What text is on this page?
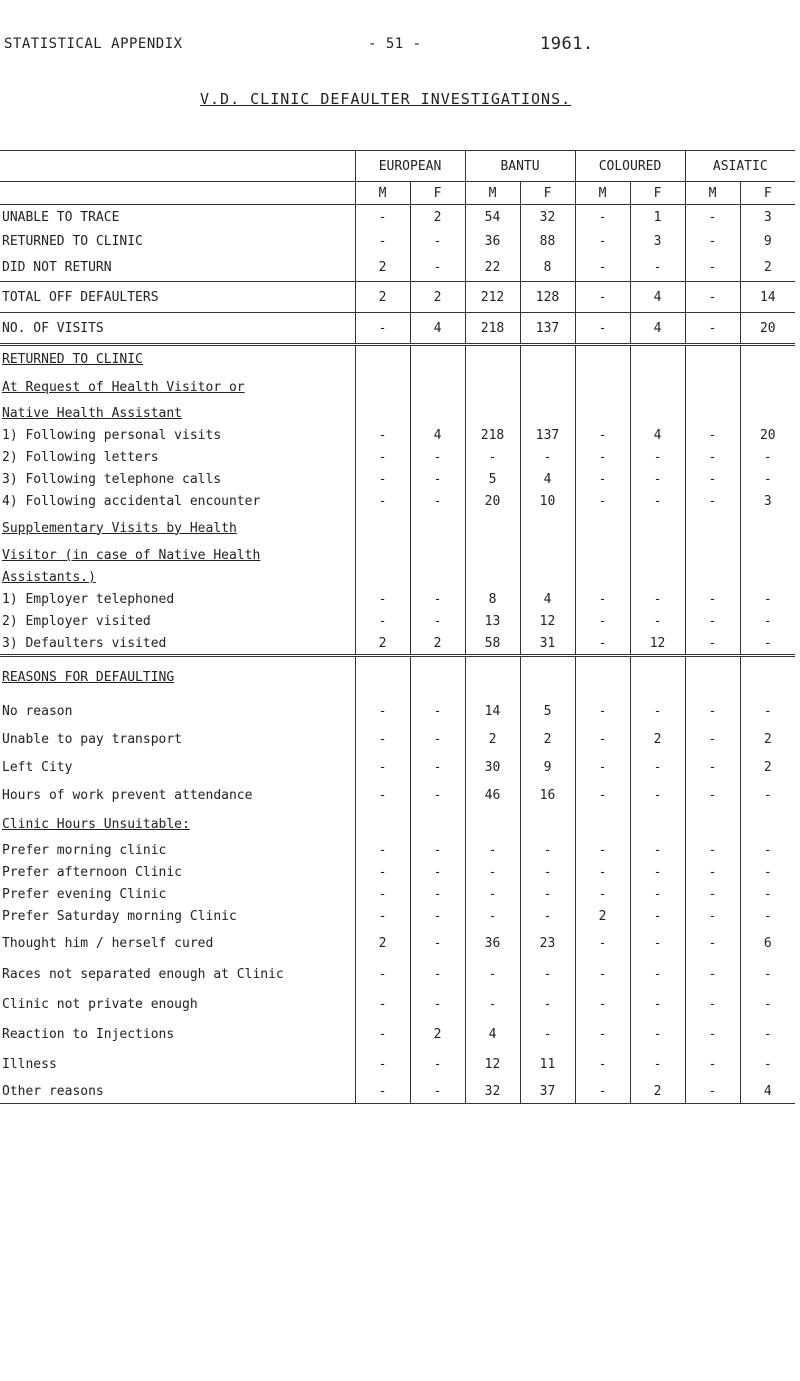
STATISTICAL APPENDIX	- 51 -	1961.
V.D. CLINIC DEFAULTER INVESTIGATIONS.
	EUROPEAN		BANTU		COLOURED		ASIATIC	
	M	F	M	F	M	F	M	F
UNABLE TO TRACE	-	2	54	32	-	1	-	3
RETURNED TO CLINIC	-	-	36	88	-	3	-	9
DID NOT RETURN	2	-	22	8	-	-	-	2
TOTAL OFF DEFAULTERS	2	2	212	128	-	4	-	14
NO. OF VISITS	-	4	218	137	-	4	-	20
RETURNED TO CLINIC								
At Request of Health Visitor or								
Native Health Assistant								
1) Following personal visits	-	4	218	137	-	4	-	20
2) Following letters	-	-	-	-	-	-	-	-
3) Following telephone calls	-	-	5	4	-	-	-	-
4) Following accidental encounter	-	-	20	10	-	-	-	3
Supplementary Visits by Health								
Visitor (in case of Native Health								
Assistants.)								
1) Employer telephoned	-	-	8	4	-	-	-	-
2) Employer visited	-	-	13	12	-	-	-	-
3) Defaulters visited	2	2	58	31	-	12	-	-
REASONS FOR DEFAULTING								
No reason	-	-	14	5	-	-	-	-
Unable to pay transport	-	-	2	2	-	2	-	2
Left City	-	-	30	9	-	-	-	2
Hours of work prevent attendance	-	-	46	16	-	-	-	-
Clinic Hours Unsuitable:								
Prefer morning clinic	-	-	-	-	-	-	-	-
Prefer afternoon Clinic	-	-	-	-	-	-	-	-
Prefer evening Clinic	-	-	-	-	-	-	-	-
Prefer Saturday morning Clinic	-	-	-	-	2	-	-	-
Thought him / herself cured	2	-	36	23	-	-	-	6
Races not separated enough at Clinic	-	-	-	-	-	-	-	-
Clinic not private enough	-	-	-	-	-	-	-	-
Reaction to Injections	-	2	4	-	-	-	-	-
Illness	-	-	12	11	-	-	-	-
Other reasons	-	-	32	37	-	2	-	4
